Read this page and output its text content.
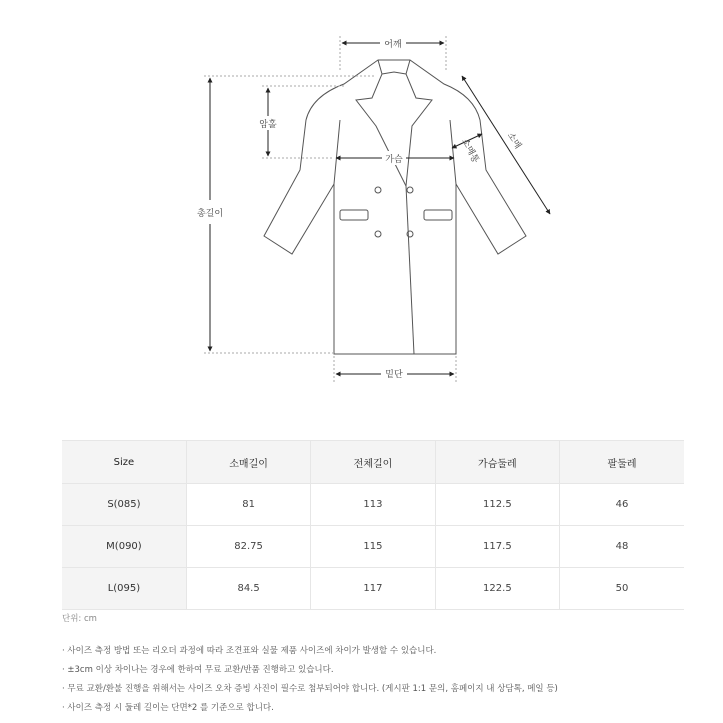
어깨
총길이
암홀
가슴
소매
소매통
밑단
Size	소매길이	전체길이	가슴둘레	팔둘레
S(085)	81	113	112.5	46
M(090)	82.75	115	117.5	48
L(095)	84.5	117	122.5	50
단위: cm
· 사이즈 측정 방법 또는 리오더 과정에 따라 조견표와 실물 제품 사이즈에 차이가 발생할 수 있습니다.
· ±3cm 이상 차이나는 경우에 한하여 무료 교환/반품 진행하고 있습니다.
· 무료 교환/환불 진행을 위해서는 사이즈 오차 증빙 사진이 필수로 첨부되어야 합니다. (게시판 1:1 문의, 홈페이지 내 상담톡, 메일 등)
· 사이즈 측정 시 둘레 길이는 단면*2 를 기준으로 합니다.
